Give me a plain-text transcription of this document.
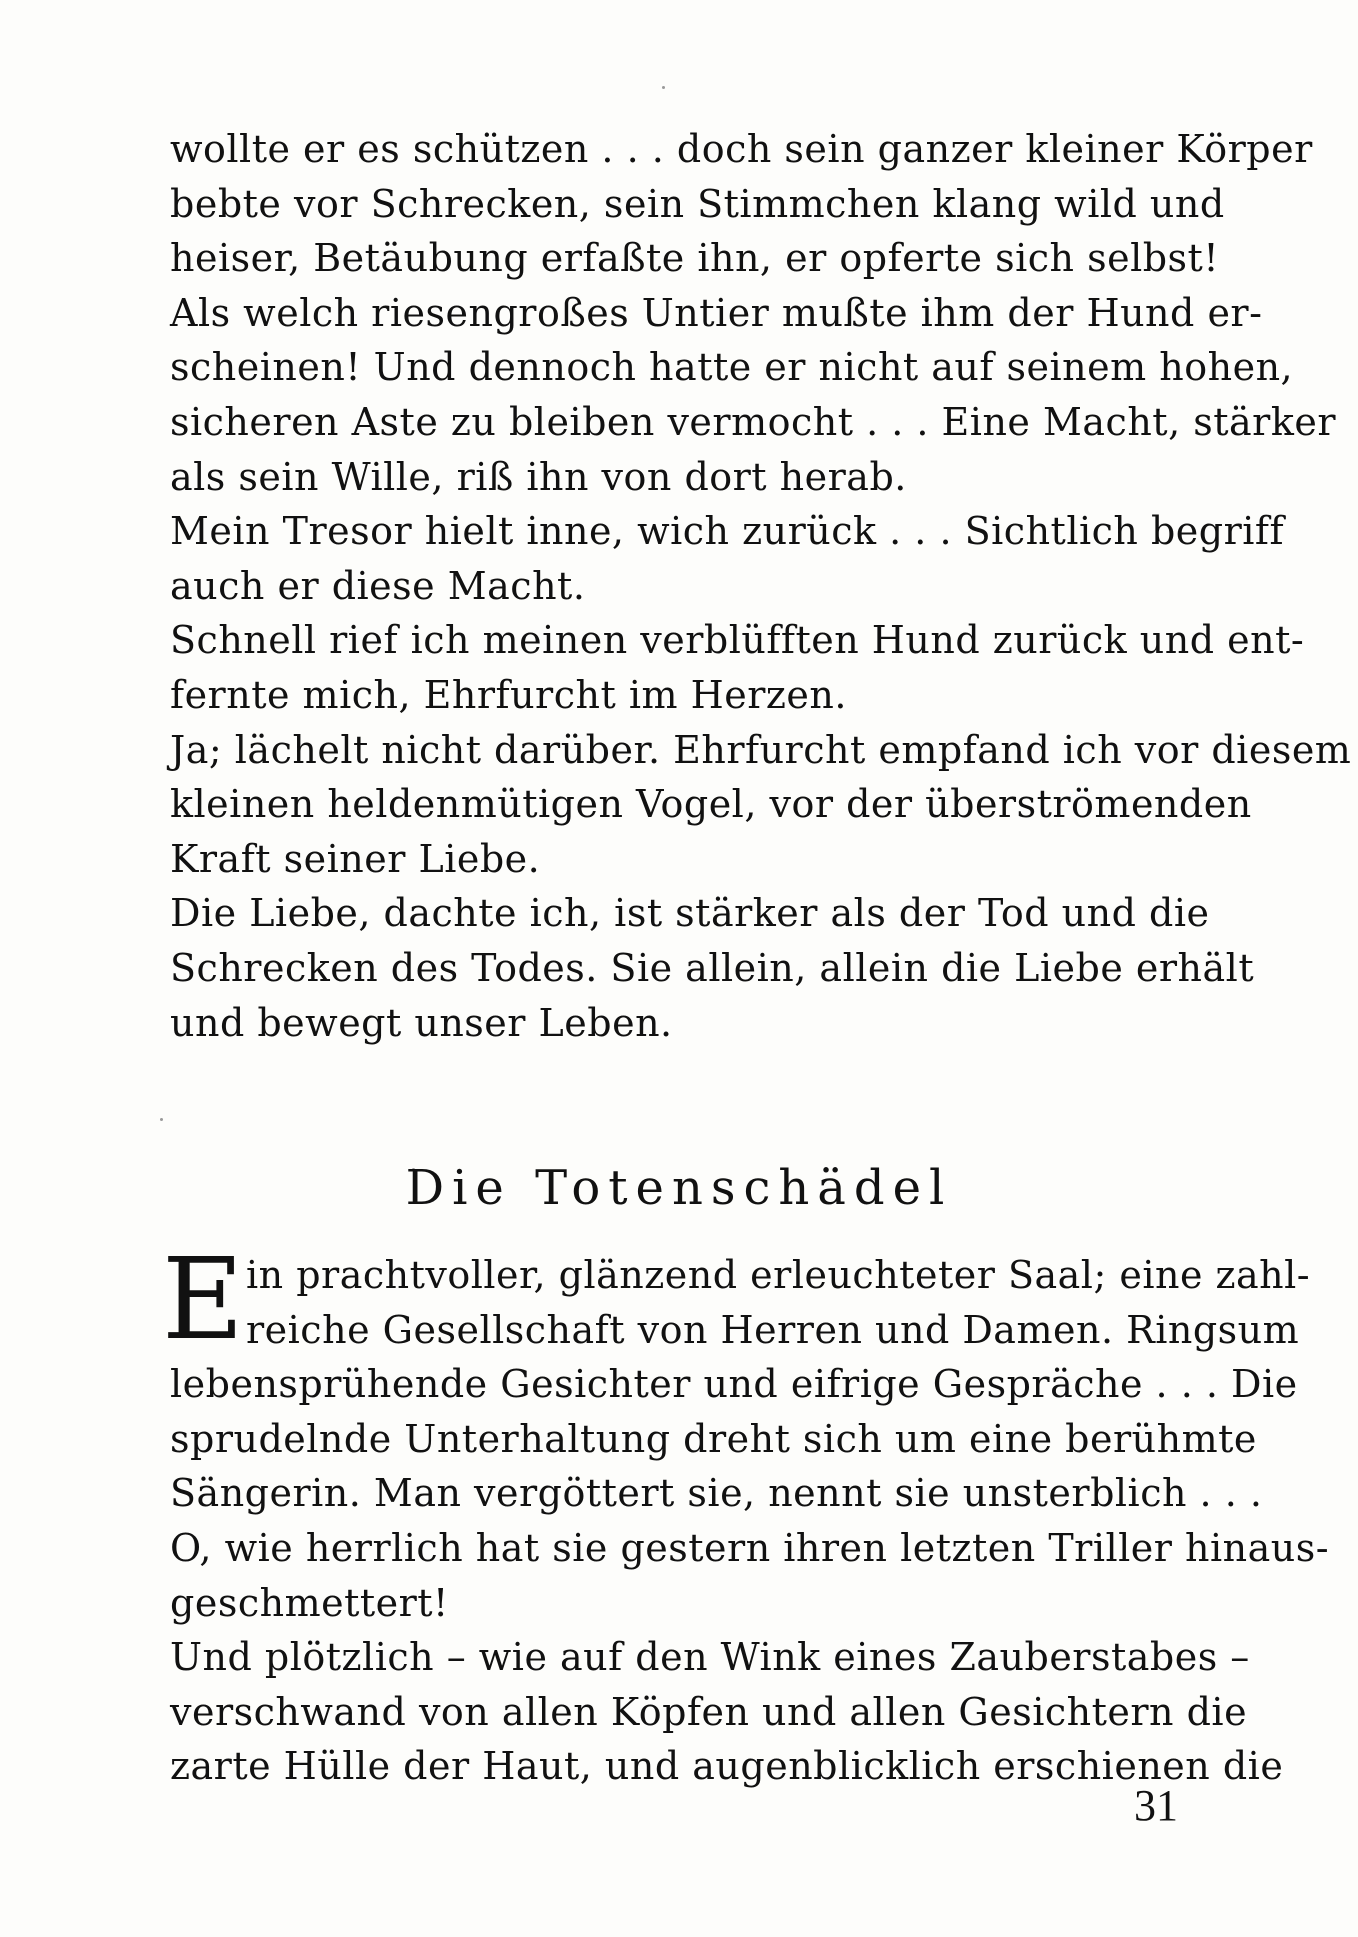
wollte er es schützen . . . doch sein ganzer kleiner Körper
bebte vor Schrecken, sein Stimmchen klang wild und
heiser, Betäubung erfaßte ihn, er opferte sich selbst!
Als welch riesengroßes Untier mußte ihm der Hund er-
scheinen! Und dennoch hatte er nicht auf seinem hohen,
sicheren Aste zu bleiben vermocht . . . Eine Macht, stärker
als sein Wille, riß ihn von dort herab.
Mein Tresor hielt inne, wich zurück . . . Sichtlich begriff
auch er diese Macht.
Schnell rief ich meinen verblüfften Hund zurück und ent-
fernte mich, Ehrfurcht im Herzen.
Ja; lächelt nicht darüber. Ehrfurcht empfand ich vor diesem
kleinen heldenmütigen Vogel, vor der überströmenden
Kraft seiner Liebe.
Die Liebe, dachte ich, ist stärker als der Tod und die
Schrecken des Todes. Sie allein, allein die Liebe erhält
und bewegt unser Leben.
Die Totenschädel
E in prachtvoller, glänzend erleuchteter Saal; eine zahl-
reiche Gesellschaft von Herren und Damen. Ringsum
lebensprühende Gesichter und eifrige Gespräche . . . Die
sprudelnde Unterhaltung dreht sich um eine berühmte
Sängerin. Man vergöttert sie, nennt sie unsterblich . . .
O, wie herrlich hat sie gestern ihren letzten Triller hinaus-
geschmettert!
Und plötzlich – wie auf den Wink eines Zauberstabes –
verschwand von allen Köpfen und allen Gesichtern die
zarte Hülle der Haut, und augenblicklich erschienen die
31
